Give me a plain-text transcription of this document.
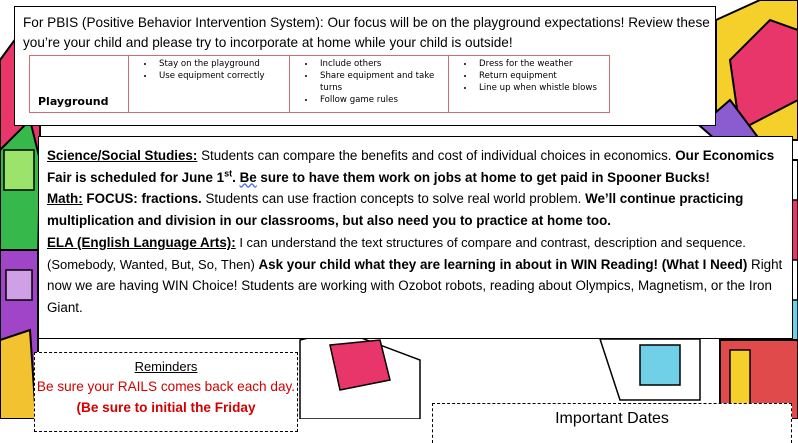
For PBIS (Positive Behavior Intervention System): Our focus will be on the playground expectations! Review these you’re your child and please try to incorporate at home while your child is outside!
Playground

• Stay on the playground
• Use equipment correctly

• Include others
• Share equipment and take turns
• Follow game rules

• Dress for the weather
• Return equipment
• Line up when whistle blows

Science/Social Studies: Students can compare the benefits and cost of individual choices in economics. Our Economics Fair is scheduled for June 1st. Be sure to have them work on jobs at home to get paid in Spooner Bucks!

Math: FOCUS: fractions. Students can use fraction concepts to solve real world problem. We’ll continue practicing multiplication and division in our classrooms, but also need you to practice at home too.

ELA (English Language Arts): I can understand the text structures of compare and contrast, description and sequence. (Somebody, Wanted, But, So, Then) Ask your child what they are learning in about in WIN Reading! (What I Need) Right now we are having WIN Choice! Students are working with Ozobot robots, reading about Olympics, Magnetism, or the Iron Giant.

Reminders
Be sure your RAILS comes back each day. (Be sure to initial the Friday
Important Dates
